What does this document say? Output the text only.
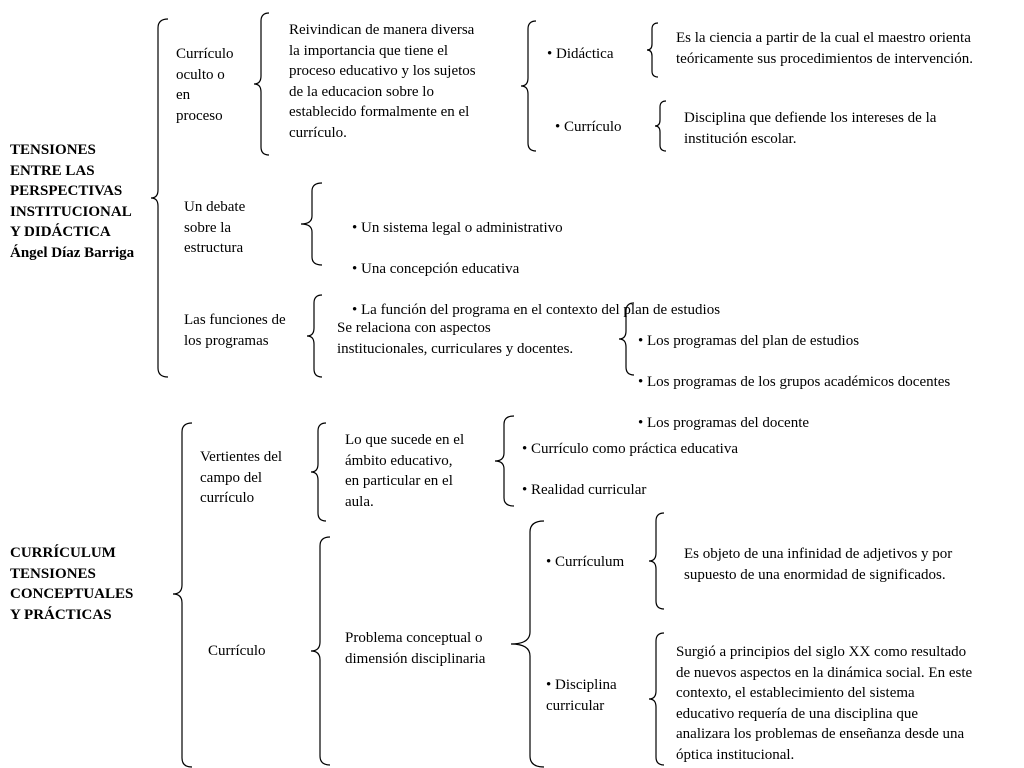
TENSIONES
ENTRE LAS
PERSPECTIVAS
INSTITUCIONAL
Y DIDÁCTICA
Ángel Díaz Barriga
Currículo
oculto o
en
proceso
Reivindican de manera diversa
la importancia que tiene el
proceso educativo y los sujetos
de la educacion sobre lo
establecido formalmente en el
currículo.
• Didáctica
Es la ciencia a partir de la cual el maestro orienta
teóricamente sus procedimientos de intervención.
• Currículo
Disciplina que defiende los intereses de la
institución escolar.
Un debate
sobre la
estructura

• Un sistema legal o administrativo

• Una concepción educativa

• La función del programa en el contexto del plan de estudios

Las funciones de
los programas
Se relaciona con aspectos
institucionales, curriculares y docentes.

•	Los programas del plan de estudios

• Los programas de los grupos académicos docentes

• Los programas del docente

CURRÍCULUM
TENSIONES
CONCEPTUALES
Y PRÁCTICAS
Vertientes del
campo del
currículo
Lo que sucede en el
ámbito educativo,
en particular en el
aula.
• Currículo como práctica educativa
• Realidad curricular
Currículo
Problema conceptual o
dimensión disciplinaria
• Currículum	Es objeto de una infinidad de adjetivos y por
supuesto de una enormidad de significados.
• Disciplina
curricular
Surgió a principios del siglo XX como resultado
de nuevos aspectos en la dinámica social. En este
contexto, el establecimiento del sistema
educativo requería de una disciplina que
analizara los problemas de enseñanza desde una
óptica institucional.
